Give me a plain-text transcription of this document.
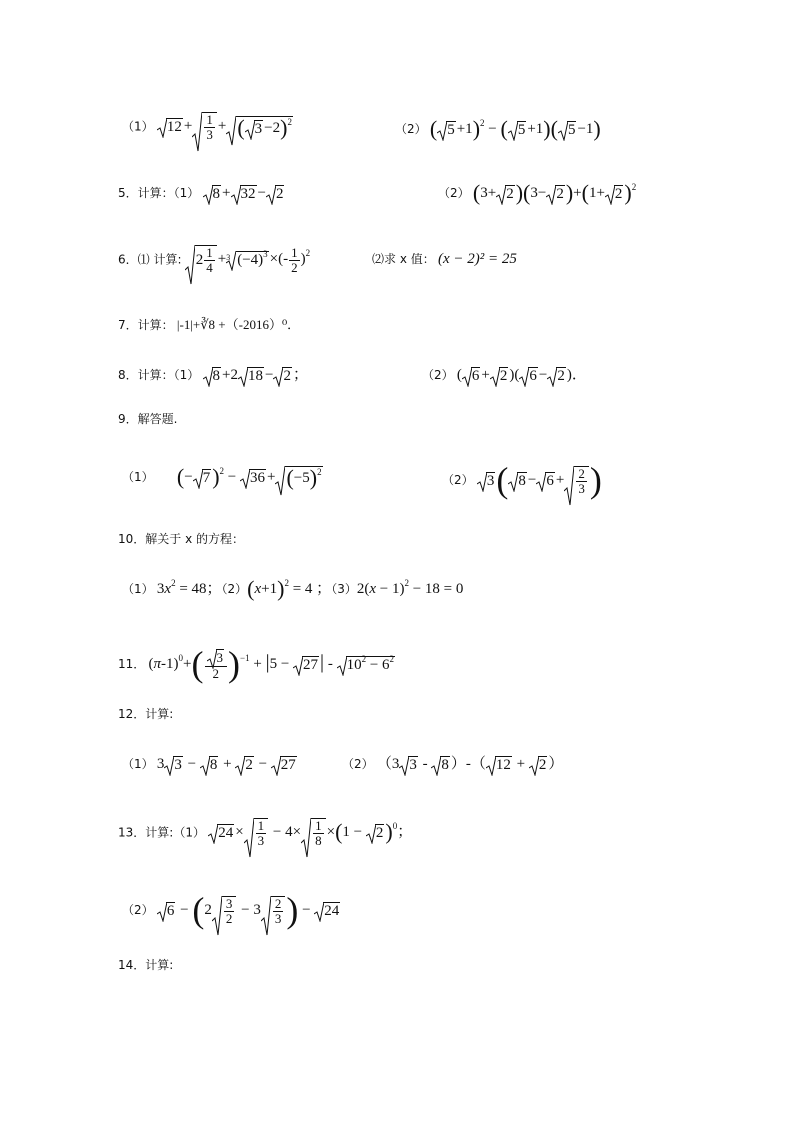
（1） $12 + \frac{1}{3}$ + ( 3 −2)$^2$
（2） ( 5 +1)$^2$ − ( 5 +1)( 5 −1)
5．计算：（1） 8 + 32 − 2	（2） $(3+ 2)(3- 2)+(1+ 2)^2$
6．⑴ 计算: $2 \frac{1}{4} + 3$ $(-4)^3$ ×(- $\frac{1}{2} )^2$	⑵求 x 值： (x − 2)² = 25
7．计算： |-1|+∛8 +（-2016）⁰．
8．计算：（1） 8 +2 18 − 2 ；	（2） ( 6 + 2 )( 6 − 2 )．
9．解答题.
（1） (− 7)$^2$ −
$36 + (-5)^2$
（2） 3( $8 - 6 + \frac{2}{3}$ )
10．解关于 x 的方程：
（1） $3x^2 = 48$；$(2)(x+1)^2 = 4$ ；$(3)2(x - 1)^2 - 18 = 0$
11． $(\pi-1)^0+( \frac{3}{2} )^{-1} + |5$ −
27 | -
$10^2 - 6^2$
12．计算:
（1） 3 3 −
8 +
2 −
27	（2） （3 3 -
8 ）-（ 12 +
2 ）
13．计算:（1） $24 \times \frac{1}{3} - 4\times \frac{1}{8} \times(1$ −
2)$^0$；
（2） $6 - (2 \frac{3}{2} - 3 \frac{2}{3}$ ) −
24
14．计算:
